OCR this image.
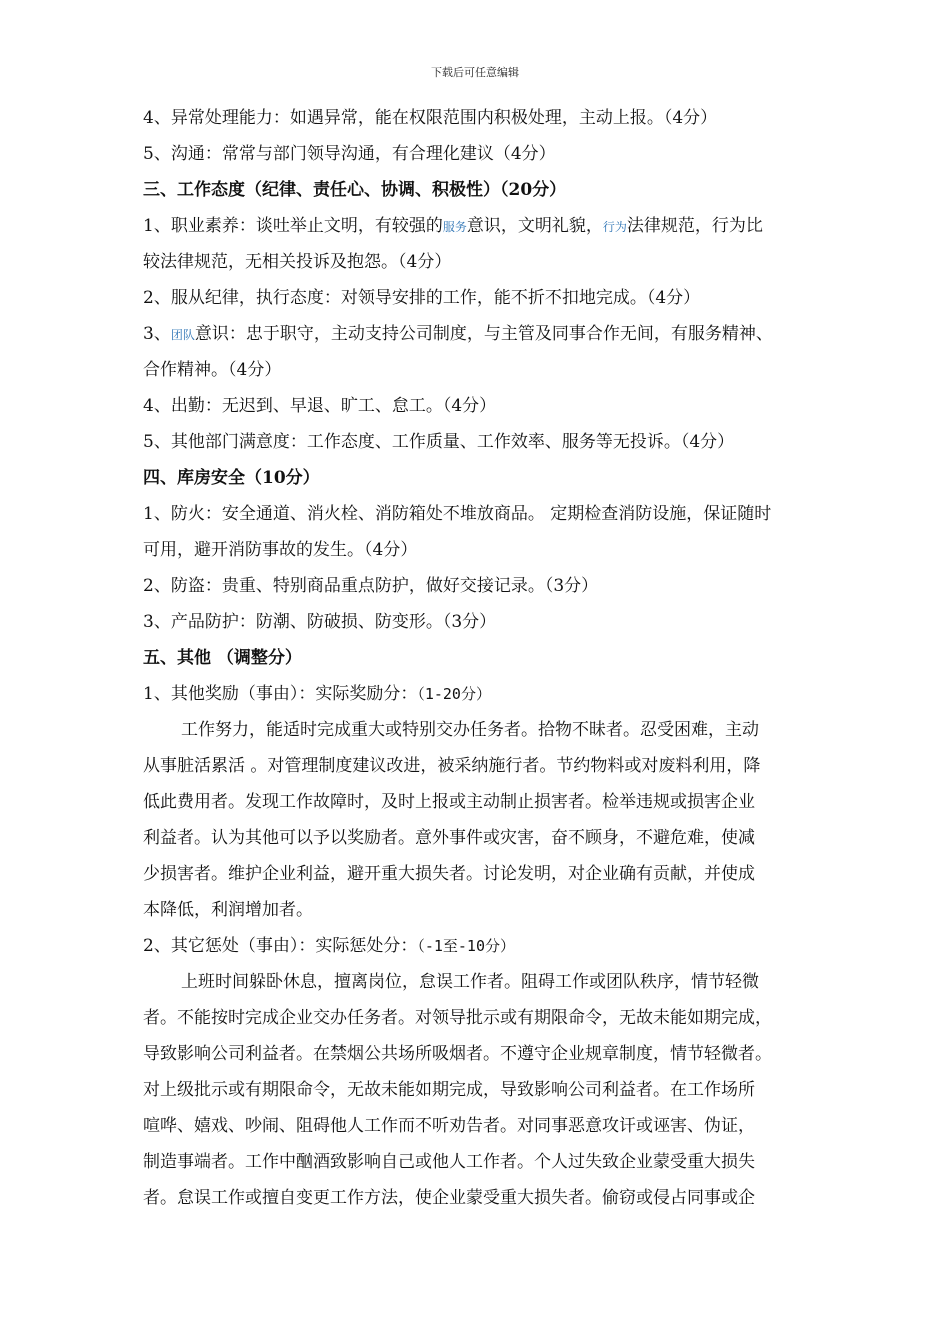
下载后可任意编辑
4、异常处理能力：如遇异常，能在权限范围内积极处理，主动上报。（4分）
5、沟通：常常与部门领导沟通，有合理化建议（4分）
三、工作态度（纪律、责任心、协调、积极性）（20分）
1、职业素养：谈吐举止文明，有较强的服务意识，文明礼貌，行为法律规范，行为比
较法律规范，无相关投诉及抱怨。（4分）
2、服从纪律，执行态度：对领导安排的工作，能不折不扣地完成。（4分）
3、团队意识：忠于职守，主动支持公司制度，与主管及同事合作无间，有服务精神、
合作精神。（4分）
4、出勤：无迟到、早退、旷工、怠工。（4分）
5、其他部门满意度：工作态度、工作质量、工作效率、服务等无投诉。（4分）
四、库房安全（10分）
1、防火：安全通道、消火栓、消防箱处不堆放商品。 定期检查消防设施，保证随时
可用，避开消防事故的发生。（4分）
2、防盗：贵重、特别商品重点防护，做好交接记录。（3分）
3、产品防护：防潮、防破损、防变形。（3分）
五、其他 （调整分）
1、其他奖励（事由）：实际奖励分：（1-20分）
工作努力，能适时完成重大或特别交办任务者。拾物不昧者。忍受困难，主动
从事脏活累活 。对管理制度建议改进，被采纳施行者。节约物料或对废料利用，降
低此费用者。发现工作故障时，及时上报或主动制止损害者。检举违规或损害企业
利益者。认为其他可以予以奖励者。意外事件或灾害，奋不顾身，不避危难，使减
少损害者。维护企业利益，避开重大损失者。讨论发明，对企业确有贡献，并使成
本降低，利润增加者。
2、其它惩处（事由）：实际惩处分：（-1至-10分）
上班时间躲卧休息，擅离岗位，怠误工作者。阻碍工作或团队秩序，情节轻微
者。不能按时完成企业交办任务者。对领导批示或有期限命令，无故未能如期完成，
导致影响公司利益者。在禁烟公共场所吸烟者。不遵守企业规章制度，情节轻微者。
对上级批示或有期限命令，无故未能如期完成，导致影响公司利益者。在工作场所
喧哗、嬉戏、吵闹、阻碍他人工作而不听劝告者。对同事恶意攻讦或诬害、伪证，
制造事端者。工作中酗酒致影响自己或他人工作者。个人过失致企业蒙受重大损失
者。怠误工作或擅自变更工作方法，使企业蒙受重大损失者。偷窃或侵占同事或企
